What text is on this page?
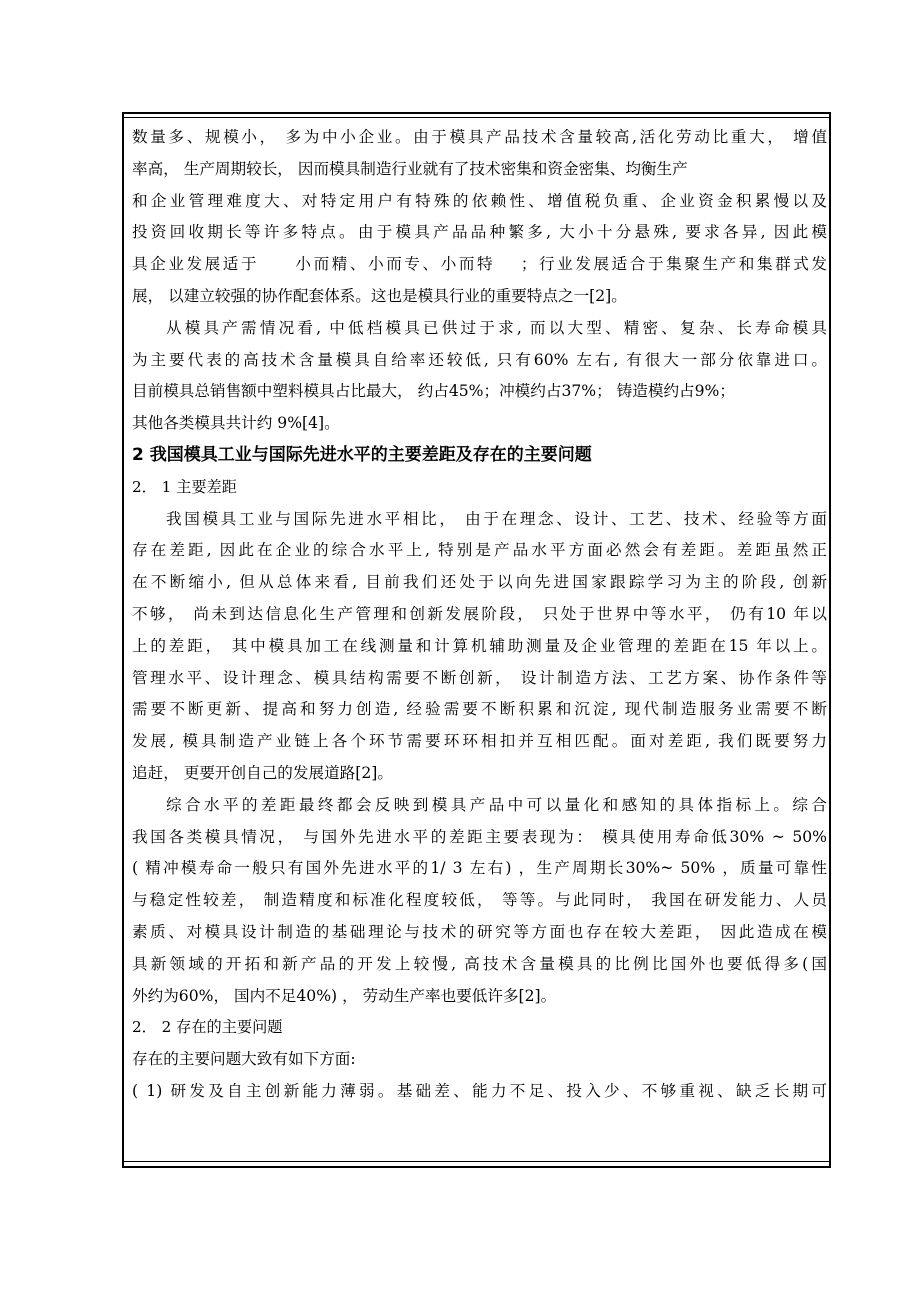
数量多、规模小， 多为中小企业。由于模具产品技术含量较高,活化劳动比重大， 增值
率高， 生产周期较长， 因而模具制造行业就有了技术密集和资金密集、均衡生产
和企业管理难度大、对特定用户有特殊的依赖性、增值税负重、企业资金积累慢以及
投资回收期长等许多特点。由于模具产品品种繁多, 大小十分悬殊, 要求各异, 因此模
具企业发展适于　　小而精、小而专、小而特　 ；行业发展适合于集聚生产和集群式发
展， 以建立较强的协作配套体系。这也是模具行业的重要特点之一[2]。
从模具产需情况看, 中低档模具已供过于求, 而以大型、精密、复杂、长寿命模具
为主要代表的高技术含量模具自给率还较低, 只有60% 左右, 有很大一部分依靠进口。
目前模具总销售额中塑料模具占比最大， 约占45%；冲模约占37%； 铸造模约占9%；
其他各类模具共计约 9%[4]。
2 我国模具工业与国际先进水平的主要差距及存在的主要问题
2． 1 主要差距
我国模具工业与国际先进水平相比， 由于在理念、设计、工艺、技术、经验等方面
存在差距, 因此在企业的综合水平上, 特别是产品水平方面必然会有差距。差距虽然正
在不断缩小, 但从总体来看, 目前我们还处于以向先进国家跟踪学习为主的阶段, 创新
不够， 尚未到达信息化生产管理和创新发展阶段， 只处于世界中等水平， 仍有10 年以
上的差距， 其中模具加工在线测量和计算机辅助测量及企业管理的差距在15 年以上。
管理水平、设计理念、模具结构需要不断创新， 设计制造方法、工艺方案、协作条件等
需要不断更新、提高和努力创造, 经验需要不断积累和沉淀, 现代制造服务业需要不断
发展, 模具制造产业链上各个环节需要环环相扣并互相匹配。面对差距, 我们既要努力
追赶， 更要开创自己的发展道路[2]。
综合水平的差距最终都会反映到模具产品中可以量化和感知的具体指标上。综合
我国各类模具情况， 与国外先进水平的差距主要表现为： 模具使用寿命低30% ~ 50%
( 精冲模寿命一般只有国外先进水平的1/ 3 左右) ，生产周期长30%~ 50% ，质量可靠性
与稳定性较差， 制造精度和标准化程度较低， 等等。与此同时， 我国在研发能力、人员
素质、对模具设计制造的基础理论与技术的研究等方面也存在较大差距， 因此造成在模
具新领域的开拓和新产品的开发上较慢, 高技术含量模具的比例比国外也要低得多(国
外约为60%， 国内不足40%) ， 劳动生产率也要低许多[2]。
2． 2 存在的主要问题
存在的主要问题大致有如下方面:
( 1) 研发及自主创新能力薄弱。基础差、能力不足、投入少、不够重视、缺乏长期可
